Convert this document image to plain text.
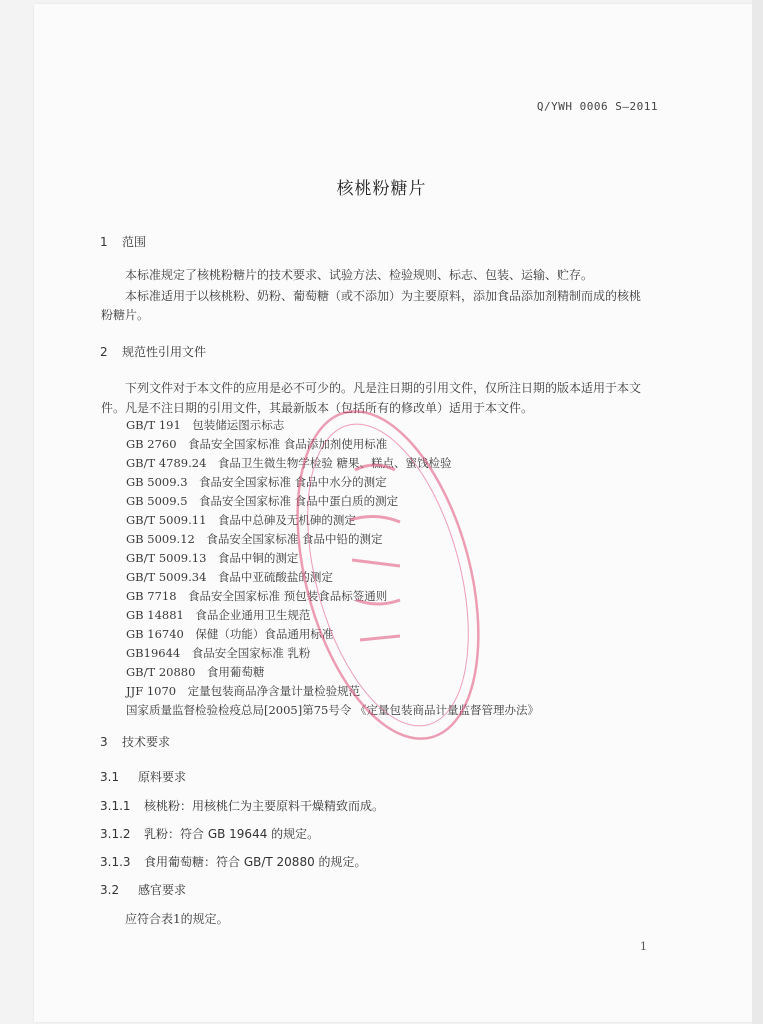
Q/YWH 0006 S—2011
核桃粉糖片
1 范围
本标准规定了核桃粉糖片的技术要求、试验方法、检验规则、标志、包装、运输、贮存。
本标准适用于以核桃粉、奶粉、葡萄糖（或不添加）为主要原料，添加食品添加剂精制而成的核桃
粉糖片。
2 规范性引用文件
下列文件对于本文件的应用是必不可少的。凡是注日期的引用文件，仅所注日期的版本适用于本文
件。凡是不注日期的引用文件，其最新版本（包括所有的修改单）适用于本文件。
GB/T 191　包装储运图示标志
GB 2760　食品安全国家标准 食品添加剂使用标准
GB/T 4789.24　食品卫生微生物学检验 糖果、糕点、蜜饯检验
GB 5009.3　食品安全国家标准 食品中水分的测定
GB 5009.5　食品安全国家标准 食品中蛋白质的测定
GB/T 5009.11　食品中总砷及无机砷的测定
GB 5009.12　食品安全国家标准 食品中铅的测定
GB/T 5009.13　食品中铜的测定
GB/T 5009.34　食品中亚硫酸盐的测定
GB 7718　食品安全国家标准 预包装食品标签通则
GB 14881　食品企业通用卫生规范
GB 16740　保健（功能）食品通用标准
GB19644　食品安全国家标准 乳粉
GB/T 20880　食用葡萄糖
JJF 1070　定量包装商品净含量计量检验规范
国家质量监督检验检疫总局[2005]第75号令 《定量包装商品计量监督管理办法》
3 技术要求
3.1 原料要求
3.1.1 核桃粉：用核桃仁为主要原料干燥精致而成。
3.1.2 乳粉：符合 GB 19644 的规定。
3.1.3 食用葡萄糖：符合 GB/T 20880 的规定。
3.2 感官要求
应符合表1的规定。
1
